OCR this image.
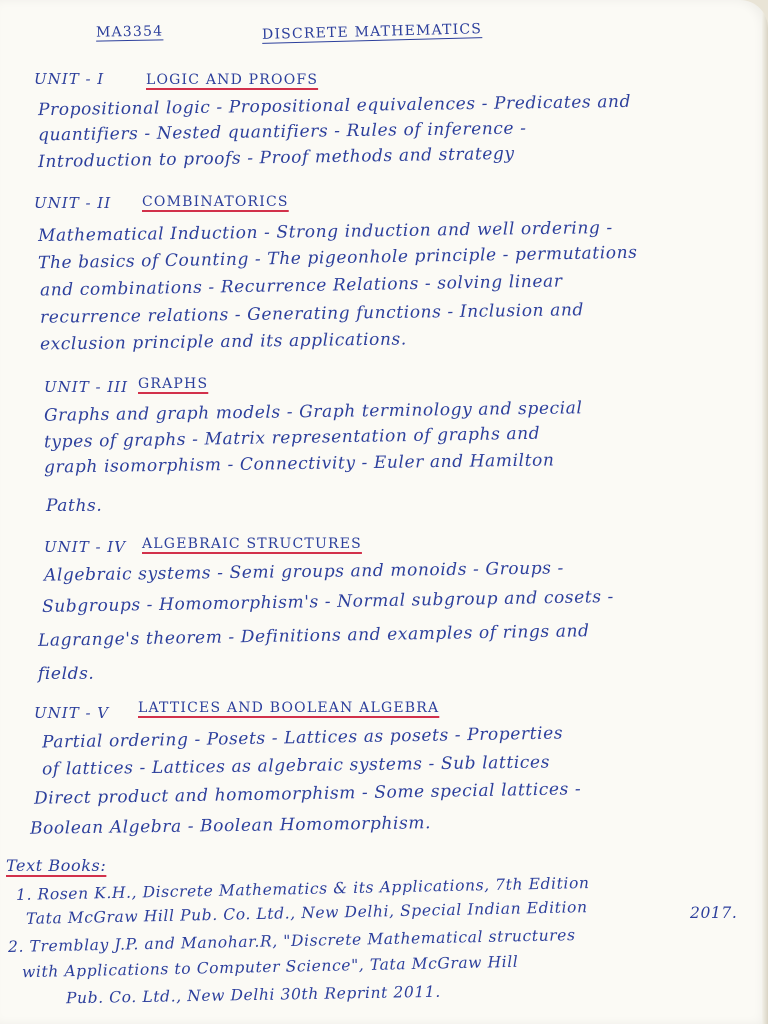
MA3354	DISCRETE MATHEMATICS
UNIT - I	LOGIC AND PROOFS
Propositional logic - Propositional equivalences - Predicates and
quantifiers - Nested quantifiers - Rules of inference -
Introduction to proofs - Proof methods and strategy
UNIT - II COMBINATORICS
Mathematical Induction - Strong induction and well ordering -
The basics of Counting - The pigeonhole principle - permutations
and combinations - Recurrence Relations - solving linear
recurrence relations - Generating functions - Inclusion and
exclusion principle and its applications.
UNIT - III GRAPHS
Graphs and graph models - Graph terminology and special
types of graphs - Matrix representation of graphs and
graph isomorphism - Connectivity - Euler and Hamilton
Paths.
UNIT - IV ALGEBRAIC STRUCTURES
Algebraic systems - Semi groups and monoids - Groups -
Subgroups - Homomorphism's - Normal subgroup and cosets -
Lagrange's theorem - Definitions and examples of rings and
fields.
UNIT - V LATTICES AND BOOLEAN ALGEBRA
Partial ordering - Posets - Lattices as posets - Properties
of lattices - Lattices as algebraic systems - Sub lattices
Direct product and homomorphism - Some special lattices -
Boolean Algebra - Boolean Homomorphism.
Text Books:
1. Rosen K.H., Discrete Mathematics & its Applications, 7th Edition
Tata McGraw Hill Pub. Co. Ltd., New Delhi, Special Indian Edition	2017.
2. Tremblay J.P. and Manohar.R, "Discrete Mathematical structures
with Applications to Computer Science", Tata McGraw Hill
Pub. Co. Ltd., New Delhi 30th Reprint 2011.
